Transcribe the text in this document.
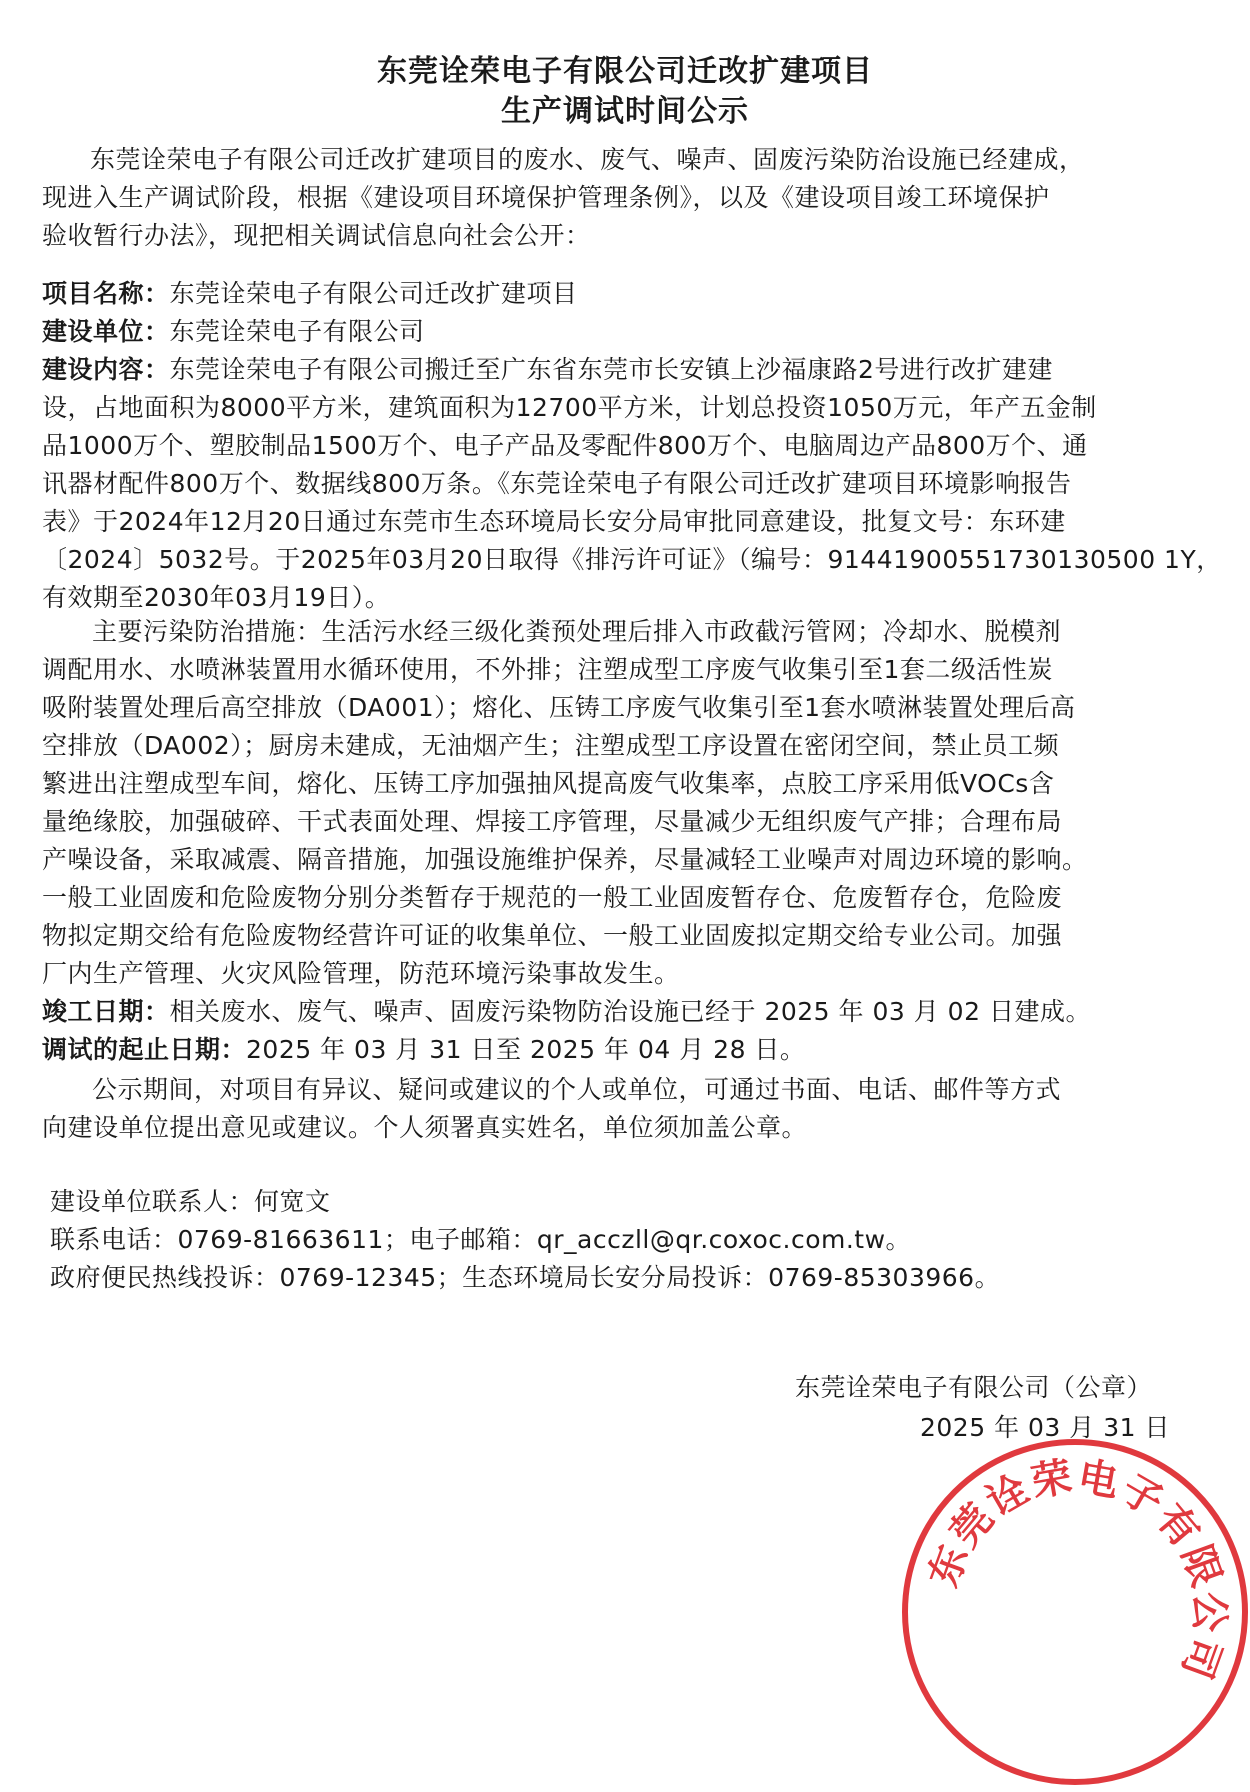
东莞诠荣电子有限公司迁改扩建项目
生产调试时间公示
东莞诠荣电子有限公司迁改扩建项目的废水、废气、噪声、固废污染防治设施已经建成，
现进入生产调试阶段，根据《建设项目环境保护管理条例》，以及《建设项目竣工环境保护
验收暂行办法》，现把相关调试信息向社会公开：
项目名称：东莞诠荣电子有限公司迁改扩建项目
建设单位：东莞诠荣电子有限公司
建设内容：东莞诠荣电子有限公司搬迁至广东省东莞市长安镇上沙福康路2号进行改扩建建
设，占地面积为8000平方米，建筑面积为12700平方米，计划总投资1050万元，年产五金制
品1000万个、塑胶制品1500万个、电子产品及零配件800万个、电脑周边产品800万个、通
讯器材配件800万个、数据线800万条。《东莞诠荣电子有限公司迁改扩建项目环境影响报告
表》于2024年12月20日通过东莞市生态环境局长安分局审批同意建设，批复文号：东环建
〔2024〕5032号。于2025年03月20日取得《排污许可证》（编号：91441900551730130500 1Y，
有效期至2030年03月19日）。
主要污染防治措施：生活污水经三级化粪预处理后排入市政截污管网；冷却水、脱模剂
调配用水、水喷淋装置用水循环使用，不外排；注塑成型工序废气收集引至1套二级活性炭
吸附装置处理后高空排放（DA001）；熔化、压铸工序废气收集引至1套水喷淋装置处理后高
空排放（DA002）；厨房未建成，无油烟产生；注塑成型工序设置在密闭空间，禁止员工频
繁进出注塑成型车间，熔化、压铸工序加强抽风提高废气收集率，点胶工序采用低VOCs含
量绝缘胶，加强破碎、干式表面处理、焊接工序管理，尽量减少无组织废气产排；合理布局
产噪设备，采取减震、隔音措施，加强设施维护保养，尽量减轻工业噪声对周边环境的影响。
一般工业固废和危险废物分别分类暂存于规范的一般工业固废暂存仓、危废暂存仓，危险废
物拟定期交给有危险废物经营许可证的收集单位、一般工业固废拟定期交给专业公司。加强
厂内生产管理、火灾风险管理，防范环境污染事故发生。
竣工日期：相关废水、废气、噪声、固废污染物防治设施已经于 2025 年 03 月 02 日建成。
调试的起止日期：2025 年 03 月 31 日至 2025 年 04 月 28 日。
公示期间，对项目有异议、疑问或建议的个人或单位，可通过书面、电话、邮件等方式
向建设单位提出意见或建议。个人须署真实姓名，单位须加盖公章。
建设单位联系人：何宽文
联系电话：0769-81663611；电子邮箱：qr_acczll@qr.coxoc.com.tw。
政府便民热线投诉：0769-12345；生态环境局长安分局投诉：0769-85303966。
东莞诠荣电子有限公司（公章）
2025 年 03 月 31 日
东
莞
诠
荣 电
子
有
限
公
司
